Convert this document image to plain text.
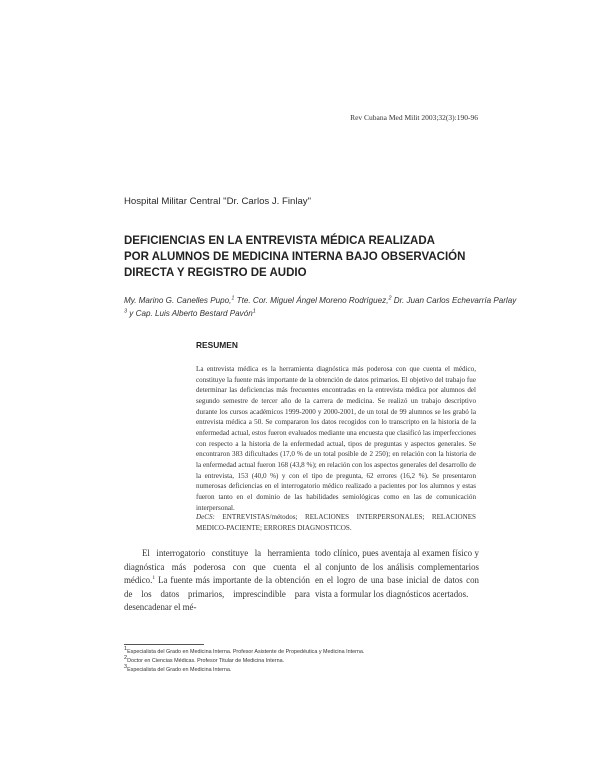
Rev Cubana Med Milit 2003;32(3):190-96
Hospital Militar Central "Dr. Carlos J. Finlay"
DEFICIENCIAS EN LA ENTREVISTA MÉDICA REALIZADA
POR ALUMNOS DE MEDICINA INTERNA BAJO OBSERVACIÓN
DIRECTA Y REGISTRO DE AUDIO
My. Marino G. Canelles Pupo,$^1$ Tte. Cor. Miguel Ángel Moreno Rodríguez,$^2$ Dr. Juan Carlos Echevarría Parlay
$^3$ y Cap. Luis Alberto Bestard Pavón$^1$
RESUMEN
La entrevista médica es la herramienta diagnóstica más poderosa con que cuenta el médico, constituye la fuente más importante de la obtención de datos primarios. El objetivo del trabajo fue determinar las deficiencias más frecuentes encontradas en la entrevista médica por alumnos del segundo semestre de tercer año de la carrera de medicina. Se realizó un trabajo descriptivo durante los cursos académicos 1999-2000 y 2000-2001, de un total de 99 alumnos se les grabó la entrevista médica a 50. Se compararon los datos recogidos con lo transcripto en la historia de la enfermedad actual, estos fueron evaluados mediante una encuesta que clasificó las imperfecciones con respecto a la historia de la enfermedad actual, tipos de preguntas y aspectos generales. Se encontraron 383 dificultades (17,0 % de un total posible de 2 250); en relación con la historia de la enfermedad actual fueron 168 (43,8 %); en relación con los aspectos generales del desarrollo de la entrevista, 153 (40,0 %) y con el tipo de pregunta, 62 errores (16,2 %). Se presentaron numerosas deficiencias en el interrogatorio médico realizado a pacientes por los alumnos y estas fueron tanto en el dominio de las habilidades semiológicas como en las de comunicación interpersonal.
DeCS: ENTREVISTAS/métodos; RELACIONES INTERPERSONALES; RELACIONES MEDICO-PACIENTE; ERRORES DIAGNOSTICOS.
El interrogatorio constituye la herramienta diagnóstica más poderosa con que cuenta el médico.$^1$ La fuente más importante de la obtención de los datos primarios, imprescindible para desencadenar el mé-
todo clínico, pues aventaja al examen físico y al conjunto de los análisis complementarios en el logro de una base inicial de datos con vista a formular los diagnósticos acertados.
$^1$Especialista del Grado en Medicina Interna. Profesor Asistente de Propedéutica y Medicina Interna.
$^2$Doctor en Ciencias Médicas. Profesor Titular de Medicina Interna.
$^3$Especialista del Grado en Medicina Interna.
